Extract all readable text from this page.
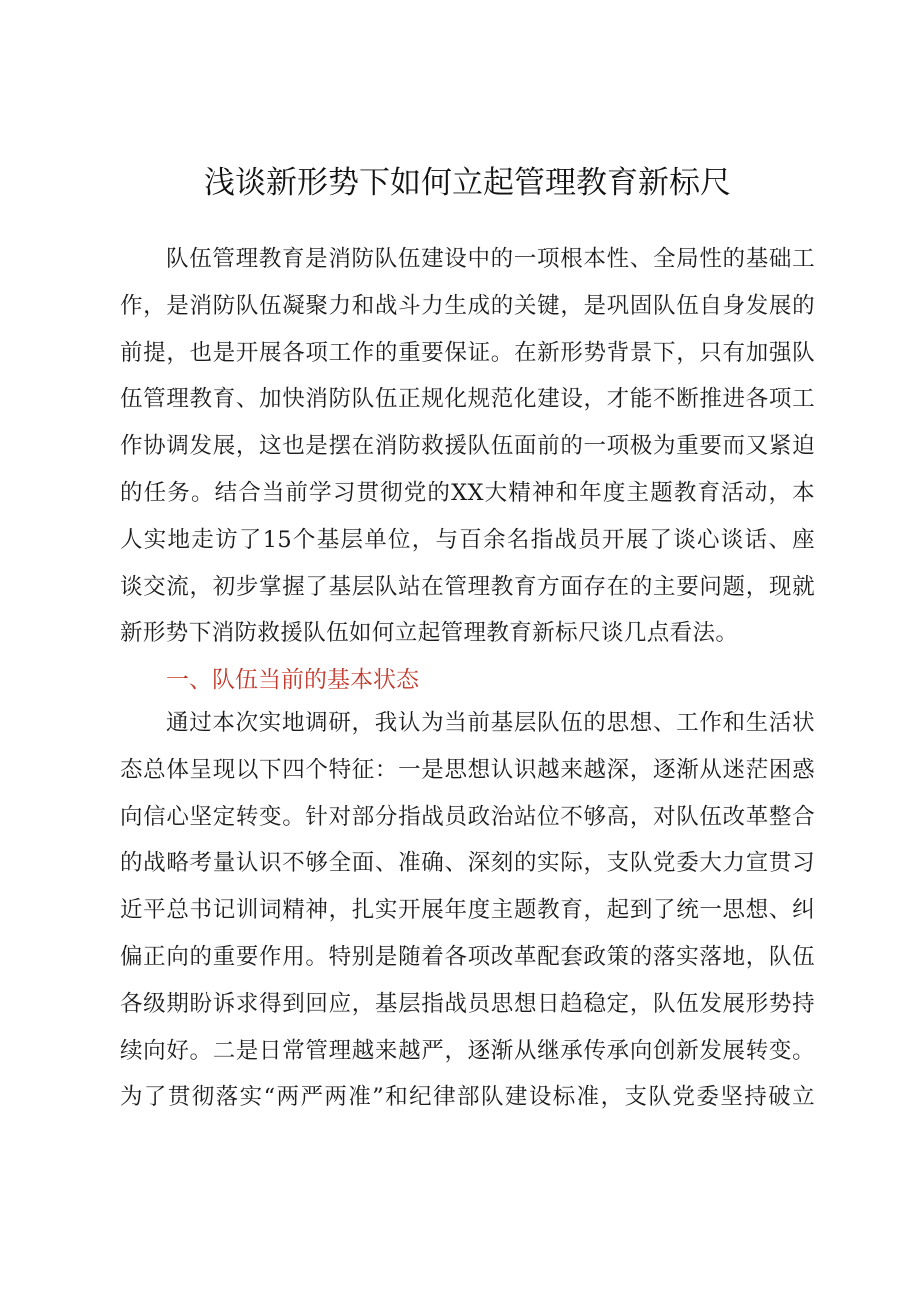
浅谈新形势下如何立起管理教育新标尺
队伍管理教育是消防队伍建设中的一项根本性、全局性的基础工
作，是消防队伍凝聚力和战斗力生成的关键，是巩固队伍自身发展的
前提，也是开展各项工作的重要保证。在新形势背景下，只有加强队
伍管理教育、加快消防队伍正规化规范化建设，才能不断推进各项工
作协调发展，这也是摆在消防救援队伍面前的一项极为重要而又紧迫
的任务。结合当前学习贯彻党的XX大精神和年度主题教育活动，本
人实地走访了15个基层单位，与百余名指战员开展了谈心谈话、座
谈交流，初步掌握了基层队站在管理教育方面存在的主要问题，现就
新形势下消防救援队伍如何立起管理教育新标尺谈几点看法。
一、队伍当前的基本状态
通过本次实地调研，我认为当前基层队伍的思想、工作和生活状
态总体呈现以下四个特征：一是思想认识越来越深，逐渐从迷茫困惑
向信心坚定转变。针对部分指战员政治站位不够高，对队伍改革整合
的战略考量认识不够全面、准确、深刻的实际，支队党委大力宣贯习
近平总书记训词精神，扎实开展年度主题教育，起到了统一思想、纠
偏正向的重要作用。特别是随着各项改革配套政策的落实落地，队伍
各级期盼诉求得到回应，基层指战员思想日趋稳定，队伍发展形势持
续向好。二是日常管理越来越严，逐渐从继承传承向创新发展转变。
为了贯彻落实“两严两准”和纪律部队建设标准，支队党委坚持破立
